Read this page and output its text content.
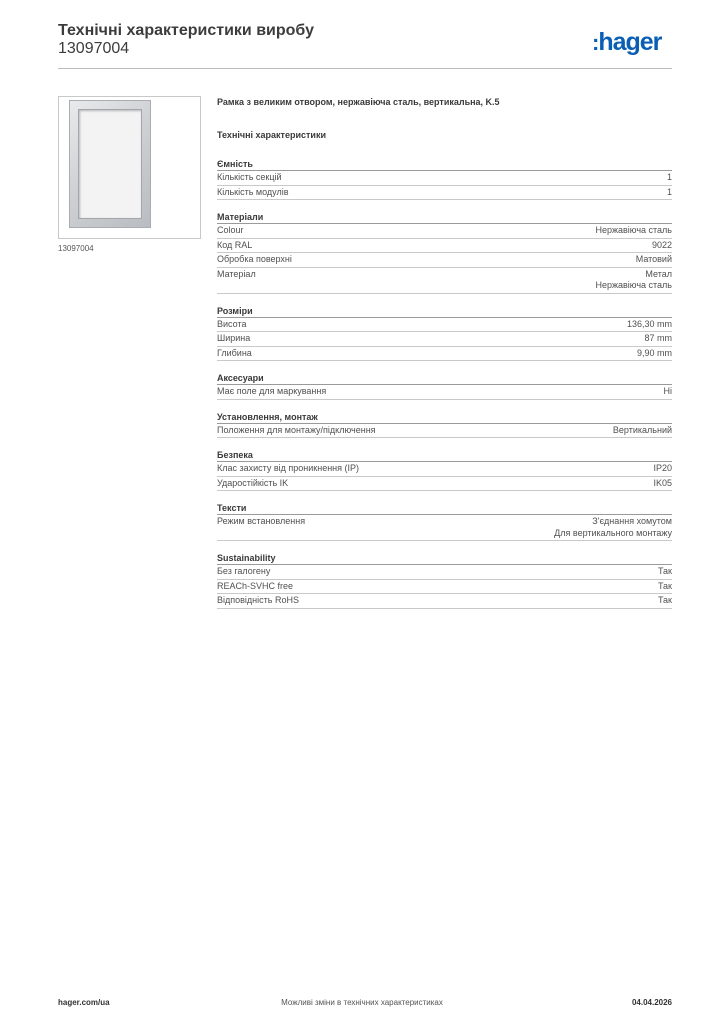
Технічні характеристики виробу
13097004	:hager
13097004
Рамка з великим отвором, нержавіюча сталь, вертикальна, K.5
Технічні характеристики
Ємність
Кількість секцій	1
Кількість модулів	1
Матеріали
Colour	Нержавіюча сталь
Код RAL	9022
Обробка поверхні	Матовий
Матеріал	Метал
Нержавіюча сталь
Розміри
Висота	136,30 mm
Ширина	87 mm
Глибина	9,90 mm
Аксесуари
Має поле для маркування	Ні
Установлення, монтаж
Положення для монтажу/підключення	Вертикальний
Безпека
Клас захисту від проникнення (IP)	IP20
Ударостійкість IK	IK05
Тексти
Режим встановлення	З'єднання хомутом
Для вертикального монтажу
Sustainability
Без галогену	Так
REACh-SVHC free	Так
Відповідність RoHS	Так
hager.com/ua	Можливі зміни в технічних характеристиках	04.04.2026
